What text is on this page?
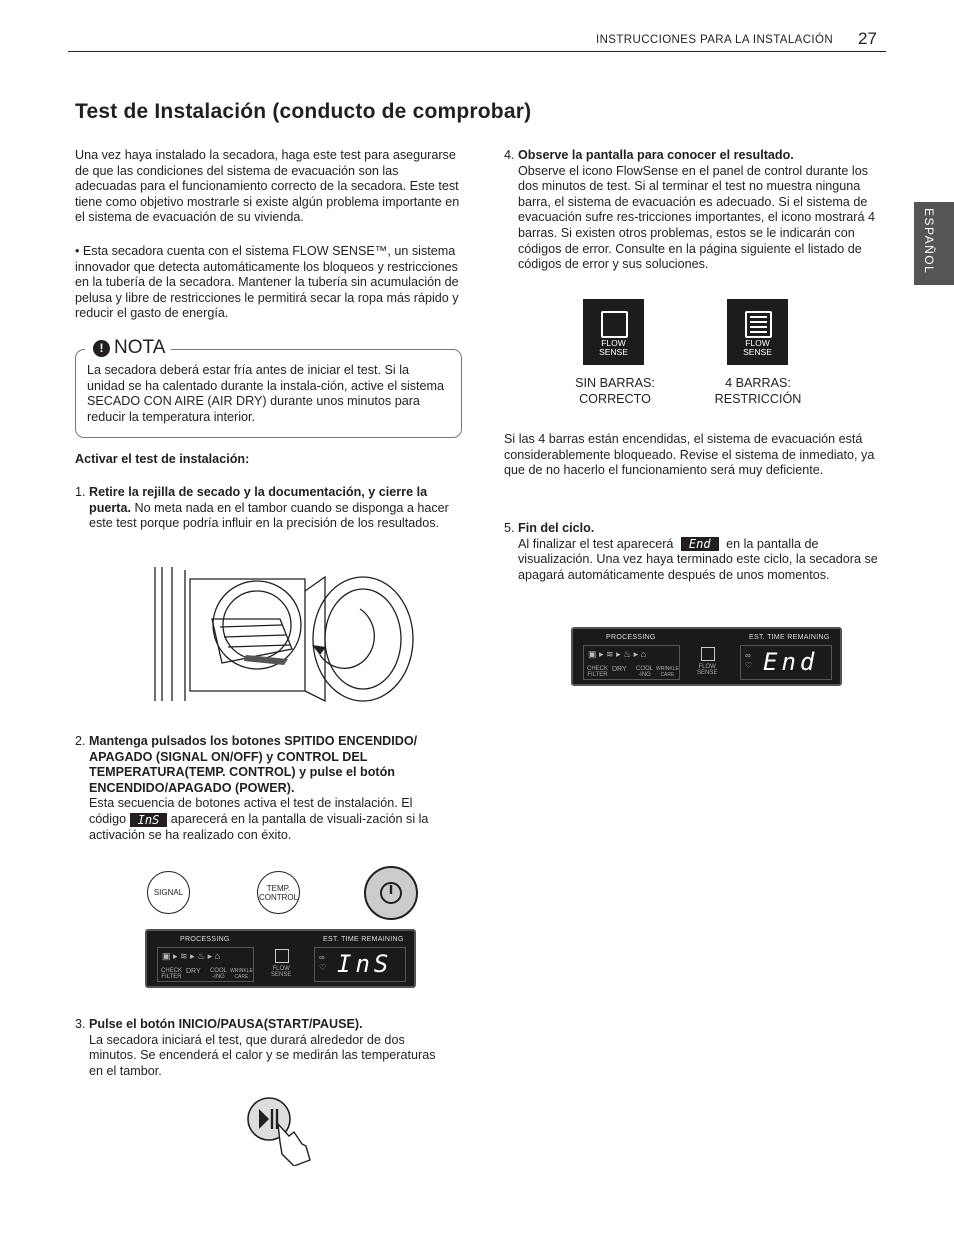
INSTRUCCIONES PARA LA INSTALACIÓN 27
ESPAÑOL
Test de Instalación (conducto de comprobar)
Una vez haya instalado la secadora, haga este test para asegurarse de que las condiciones del sistema de evacuación son las adecuadas para el funcionamiento correcto de la secadora. Este test tiene como objetivo mostrarle si existe algún problema importante en el sistema de evacuación de su vivienda.
• Esta secadora cuenta con el sistema FLOW SENSE™, un sistema innovador que detecta automáticamente los bloqueos y restricciones en la tubería de la secadora. Mantener la tubería sin acumulación de pelusa y libre de restricciones le permitirá secar la ropa más rápido y reducir el gasto de energía.
! NOTA
La secadora deberá estar fría antes de iniciar el test. Si la unidad se ha calentado durante la instala-ción, active el sistema SECADO CON AIRE (AIR DRY) durante unos minutos para reducir la temperatura interior.
Activar el test de instalación:
1. Retire la rejilla de secado y la documentación, y cierre la puerta. No meta nada en el tambor cuando se disponga a hacer este test porque podría influir en la precisión de los resultados.
2. Mantenga pulsados los botones SPITIDO ENCENDIDO/ APAGADO (SIGNAL ON/OFF) y CONTROL DEL TEMPERATURA(TEMP. CONTROL) y pulse el botón ENCENDIDO/APAGADO (POWER).
Esta secuencia de botones activa el test de instalación. El código InS aparecerá en la pantalla de visuali-zación si la activación se ha realizado con éxito.
SIGNAL	TEMP.
CONTROL
PROCESSING	EST. TIME REMAINING
▣ ▸ ≋ ▸ ♨ ▸ ⌂
CHECK
FILTER
DRY COOL
-ING
WRINKLE
CARE
FLOW
SENSE
∞
♡ InS
3. Pulse el botón INICIO/PAUSA(START/PAUSE).
La secadora iniciará el test, que durará alrededor de dos minutos. Se encenderá el calor y se medirán las temperaturas en el tambor.
4. Observe la pantalla para conocer el resultado.
Observe el icono FlowSense en el panel de control durante los dos minutos de test. Si al terminar el test no muestra ninguna barra, el sistema de evacuación es adecuado. Si el sistema de evacuación sufre res-tricciones importantes, el icono mostrará 4 barras. Si existen otros problemas, estos se le indicarán con códigos de error. Consulte en la página siguiente el listado de códigos de error y sus soluciones.
FLOW
SENSE
FLOW
SENSE
SIN BARRAS:
CORRECTO
4 BARRAS:
RESTRICCIÓN
Si las 4 barras están encendidas, el sistema de evacuación está considerablemente bloqueado. Revise el sistema de inmediato, ya que de no hacerlo el funcionamiento será muy deficiente.
5. Fin del ciclo.
Al finalizar el test aparecerá End en la pantalla de visualización. Una vez haya terminado este ciclo, la secadora se apagará automáticamente después de unos momentos.
PROCESSING	EST. TIME REMAINING
▣ ▸ ≋ ▸ ♨ ▸ ⌂
CHECK
FILTER
DRY COOL
-ING
WRINKLE
CARE
FLOW
SENSE
∞
♡ End
